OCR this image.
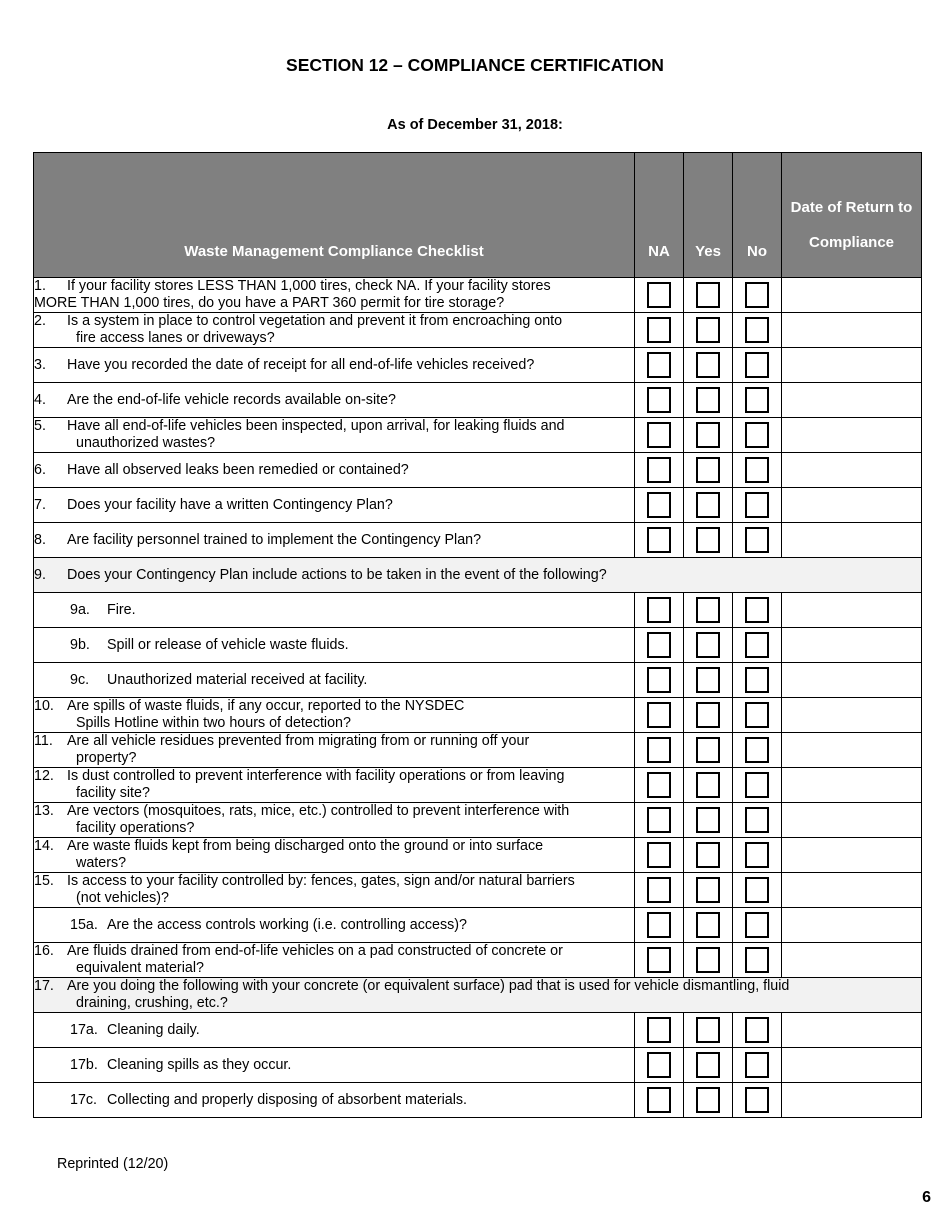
SECTION 12 – COMPLIANCE CERTIFICATION
As of December 31, 2018:
Waste Management Compliance Checklist	NA	Yes	No	Date of Return to
Compliance
1. If your facility stores LESS THAN 1,000 tires, check NA. If your facility stores
MORE THAN 1,000 tires, do you have a PART 360 permit for tire storage?				

2. Is a system in place to control vegetation and prevent it from encroaching onto
fire access lanes or driveways?				

3. Have you recorded the date of receipt for all end-of-life vehicles received?				
4. Are the end-of-life vehicle records available on-site?				
5. Have all end-of-life vehicles been inspected, upon arrival, for leaking fluids and
unauthorized wastes?				

6. Have all observed leaks been remedied or contained?				
7. Does your facility have a written Contingency Plan?				
8. Are facility personnel trained to implement the Contingency Plan?				
9. Does your Contingency Plan include actions to be taken in the event of the following?				
9a. Fire.				
9b. Spill or release of vehicle waste fluids.				
9c. Unauthorized material received at facility.				
10. Are spills of waste fluids, if any occur, reported to the NYSDEC
Spills Hotline within two hours of detection?				

11. Are all vehicle residues prevented from migrating from or running off your
property?				

12. Is dust controlled to prevent interference with facility operations or from leaving
facility site?				

13. Are vectors (mosquitoes, rats, mice, etc.) controlled to prevent interference with
facility operations?				

14. Are waste fluids kept from being discharged onto the ground or into surface
waters?				

15. Is access to your facility controlled by: fences, gates, sign and/or natural barriers
(not vehicles)?				

15a. Are the access controls working (i.e. controlling access)?				
16. Are fluids drained from end-of-life vehicles on a pad constructed of concrete or
equivalent material?				

17. Are you doing the following with your concrete (or equivalent surface) pad that is used for vehicle dismantling, fluid
draining, crushing, etc.?				

17a. Cleaning daily.				
17b. Cleaning spills as they occur.				
17c. Collecting and properly disposing of absorbent materials.				
Reprinted (12/20)
6
